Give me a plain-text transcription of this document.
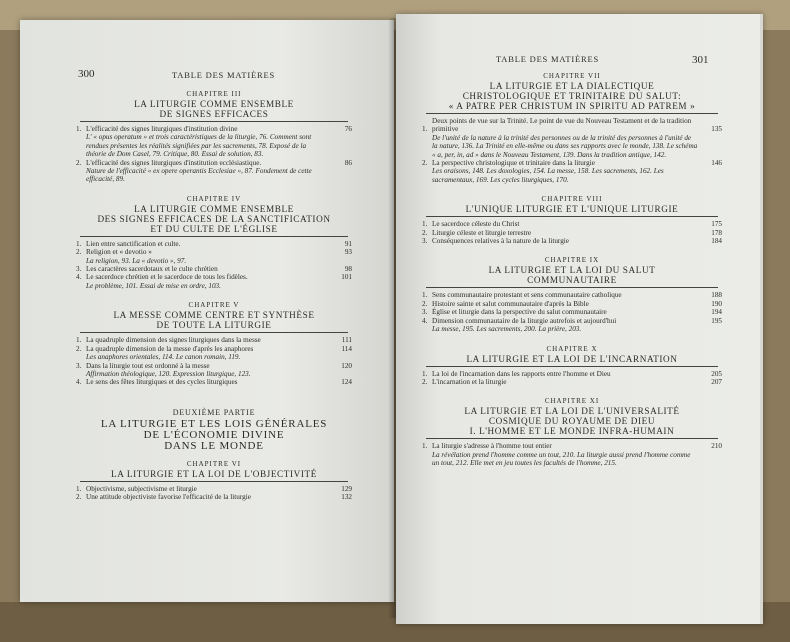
300	TABLE DES MATIÈRES
CHAPITRE III
LA LITURGIE COMME ENSEMBLE
DE SIGNES EFFICACES
1. L'efficacité des signes liturgiques d'institution divine	76
L' « opus operatum » et trois caractéristiques de la liturgie, 76. Comment sont rendues présentes les réalités signifiées par les sacrements, 78. Exposé de la théorie de Dom Casel, 79. Critique, 80. Essai de solution, 83.
2. L'efficacité des signes liturgiques d'institution ecclésiastique.	86
Nature de l'efficacité « ex opere operantis Ecclesiae », 87. Fondement de cette efficacité, 89.
CHAPITRE IV
LA LITURGIE COMME ENSEMBLE
DES SIGNES EFFICACES DE LA SANCTIFICATION
ET DU CULTE DE L'ÉGLISE
1. Lien entre sanctification et culte.	91
2. Religion et « devotio »	93
La religion, 93. La « devotio », 97.
3. Les caractères sacerdotaux et le culte chrétien	98
4. Le sacerdoce chrétien et le sacerdoce de tous les fidèles.	101
Le problème, 101. Essai de mise en ordre, 103.
CHAPITRE V
LA MESSE COMME CENTRE ET SYNTHÈSE
DE TOUTE LA LITURGIE
1. La quadruple dimension des signes liturgiques dans la messe	111
2. La quadruple dimension de la messe d'après les anaphores	114
Les anaphores orientales, 114. Le canon romain, 119.
3. Dans la liturgie tout est ordonné à la messe	120
Affirmation théologique, 120. Expression liturgique, 123.
4. Le sens des fêtes liturgiques et des cycles liturgiques	124
DEUXIÈME PARTIE
LA LITURGIE ET LES LOIS GÉNÉRALES
DE L'ÉCONOMIE DIVINE
DANS LE MONDE
CHAPITRE VI
LA LITURGIE ET LA LOI DE L'OBJECTIVITÉ
1. Objectivisme, subjectivisme et liturgie	129
2. Une attitude objectiviste favorise l'efficacité de la liturgie	132
TABLE DES MATIÈRES	301
CHAPITRE VII
LA LITURGIE ET LA DIALECTIQUE
CHRISTOLOGIQUE ET TRINITAIRE DU SALUT:
« A PATRE PER CHRISTUM IN SPIRITU AD PATREM »
1.
Deux points de vue sur la Trinité. Le point de vue du Nouveau Testament et de la tradition primitive	135
De l'unité de la nature à la trinité des personnes ou de la trinité des personnes à l'unité de la nature, 136. La Trinité en elle-même ou dans ses rapports avec le monde, 138. Le schéma « a, per, in, ad » dans le Nouveau Testament, 139. Dans la tradition antique, 142.
2. La perspective christologique et trinitaire dans la liturgie	146
Les oraisons, 148. Les doxologies, 154. La messe, 158. Les sacrements, 162. Les sacramentaux, 169. Les cycles liturgiques, 170.
CHAPITRE VIII
L'UNIQUE LITURGIE ET L'UNIQUE LITURGIE
1. Le sacerdoce céleste du Christ	175
2. Liturgie céleste et liturgie terrestre	178
3. Conséquences relatives à la nature de la liturgie	184
CHAPITRE IX
LA LITURGIE ET LA LOI DU SALUT
COMMUNAUTAIRE
1. Sens communautaire protestant et sens communautaire catholique	188
2. Histoire sainte et salut communautaire d'après la Bible	190
3. Église et liturgie dans la perspective du salut communautaire	194
4. Dimension communautaire de la liturgie autrefois et aujourd'hui	195
La messe, 195. Les sacrements, 200. La prière, 203.
CHAPITRE X
LA LITURGIE ET LA LOI DE L'INCARNATION
1. La loi de l'incarnation dans les rapports entre l'homme et Dieu	205
2. L'incarnation et la liturgie	207
CHAPITRE XI
LA LITURGIE ET LA LOI DE L'UNIVERSALITÉ
COSMIQUE DU ROYAUME DE DIEU
I. L'HOMME ET LE MONDE INFRA-HUMAIN
1. La liturgie s'adresse à l'homme tout entier	210
La révélation prend l'homme comme un tout, 210. La liturgie aussi prend l'homme comme un tout, 212. Elle met en jeu toutes les facultés de l'homme, 215.
